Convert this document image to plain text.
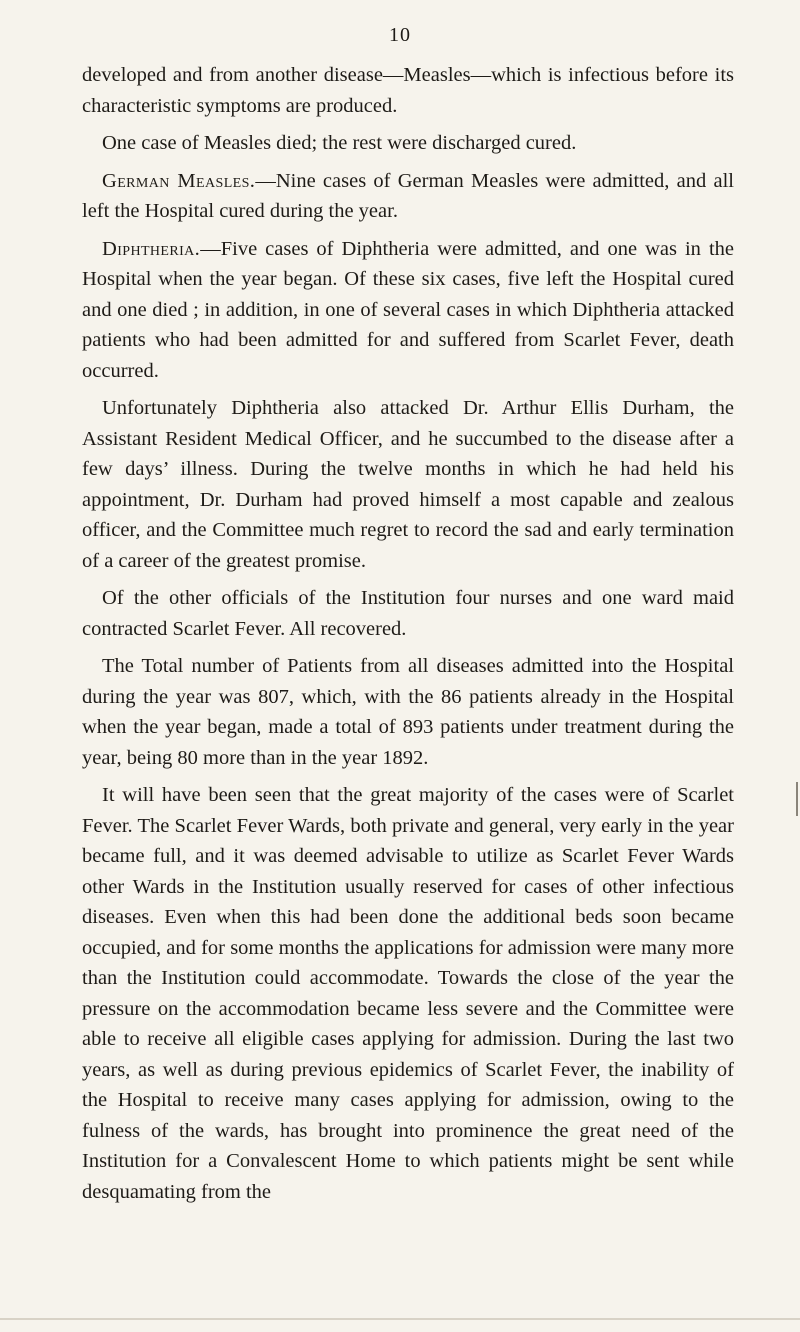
10

developed and from another disease—Measles—which is infectious before its characteristic symptoms are produced.

One case of Measles died; the rest were discharged cured.

German Measles.—Nine cases of German Measles were admitted, and all left the Hospital cured during the year.

Diphtheria.—Five cases of Diphtheria were admitted, and one was in the Hospital when the year began. Of these six cases, five left the Hospital cured and one died ; in addition, in one of several cases in which Diphtheria attacked patients who had been admitted for and suffered from Scarlet Fever, death occurred.

Unfortunately Diphtheria also attacked Dr. Arthur Ellis Durham, the Assistant Resident Medical Officer, and he succumbed to the disease after a few days’ illness. During the twelve months in which he had held his appointment, Dr. Durham had proved himself a most capable and zealous officer, and the Committee much regret to record the sad and early termination of a career of the greatest promise.

Of the other officials of the Institution four nurses and one ward maid contracted Scarlet Fever. All recovered.

The Total number of Patients from all diseases admitted into the Hospital during the year was 807, which, with the 86 patients already in the Hospital when the year began, made a total of 893 patients under treatment during the year, being 80 more than in the year 1892.

It will have been seen that the great majority of the cases were of Scarlet Fever. The Scarlet Fever Wards, both private and general, very early in the year became full, and it was deemed advisable to utilize as Scarlet Fever Wards other Wards in the Institution usually reserved for cases of other infectious diseases. Even when this had been done the additional beds soon became occupied, and for some months the applications for admission were many more than the Institution could accommodate. Towards the close of the year the pressure on the accommodation became less severe and the Committee were able to receive all eligible cases applying for admission. During the last two years, as well as during previous epidemics of Scarlet Fever, the inability of the Hospital to receive many cases applying for admission, owing to the fulness of the wards, has brought into prominence the great need of the Institution for a Convalescent Home to which patients might be sent while desquamating from the
